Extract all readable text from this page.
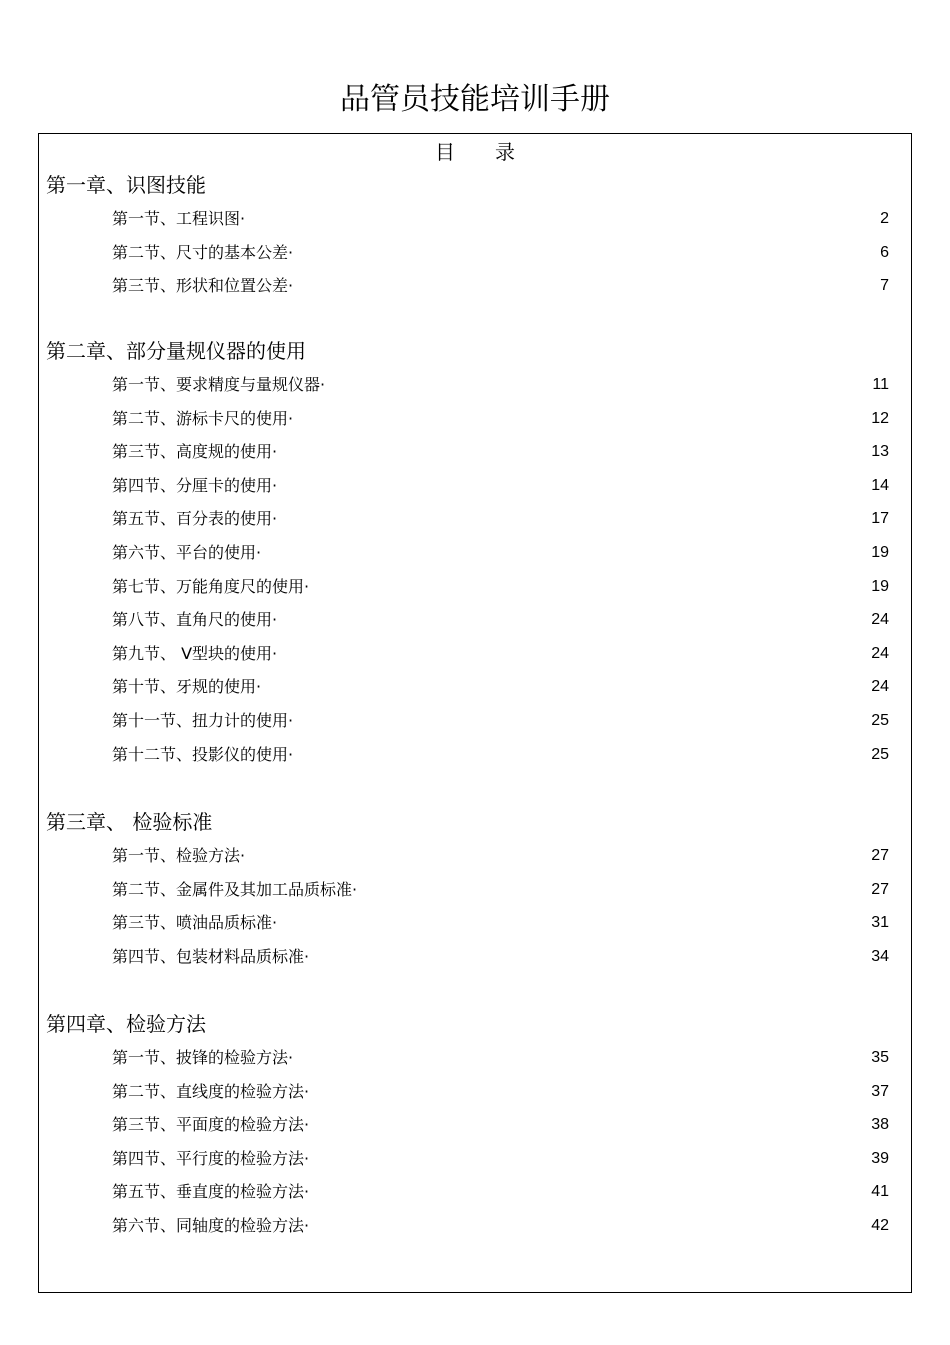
品管员技能培训手册
目 录
第一章、识图技能
第一节、工程识图·	2
第二节、尺寸的基本公差·	6
第三节、形状和位置公差·	7
第二章、部分量规仪器的使用
第一节、要求精度与量规仪器·	11
第二节、游标卡尺的使用·	12
第三节、高度规的使用·	13
第四节、分厘卡的使用·	14
第五节、百分表的使用·	17
第六节、平台的使用·	19
第七节、万能角度尺的使用·	19
第八节、直角尺的使用·	24
第九节、 V型块的使用·	24
第十节、牙规的使用·	24
第十一节、扭力计的使用·	25
第十二节、投影仪的使用·	25
第三章、 检验标准
第一节、检验方法·	27
第二节、金属件及其加工品质标准·	27
第三节、喷油品质标准·	31
第四节、包装材料品质标准·	34
第四章、检验方法
第一节、披锋的检验方法·	35
第二节、直线度的检验方法·	37
第三节、平面度的检验方法·	38
第四节、平行度的检验方法·	39
第五节、垂直度的检验方法·	41
第六节、同轴度的检验方法·	42
